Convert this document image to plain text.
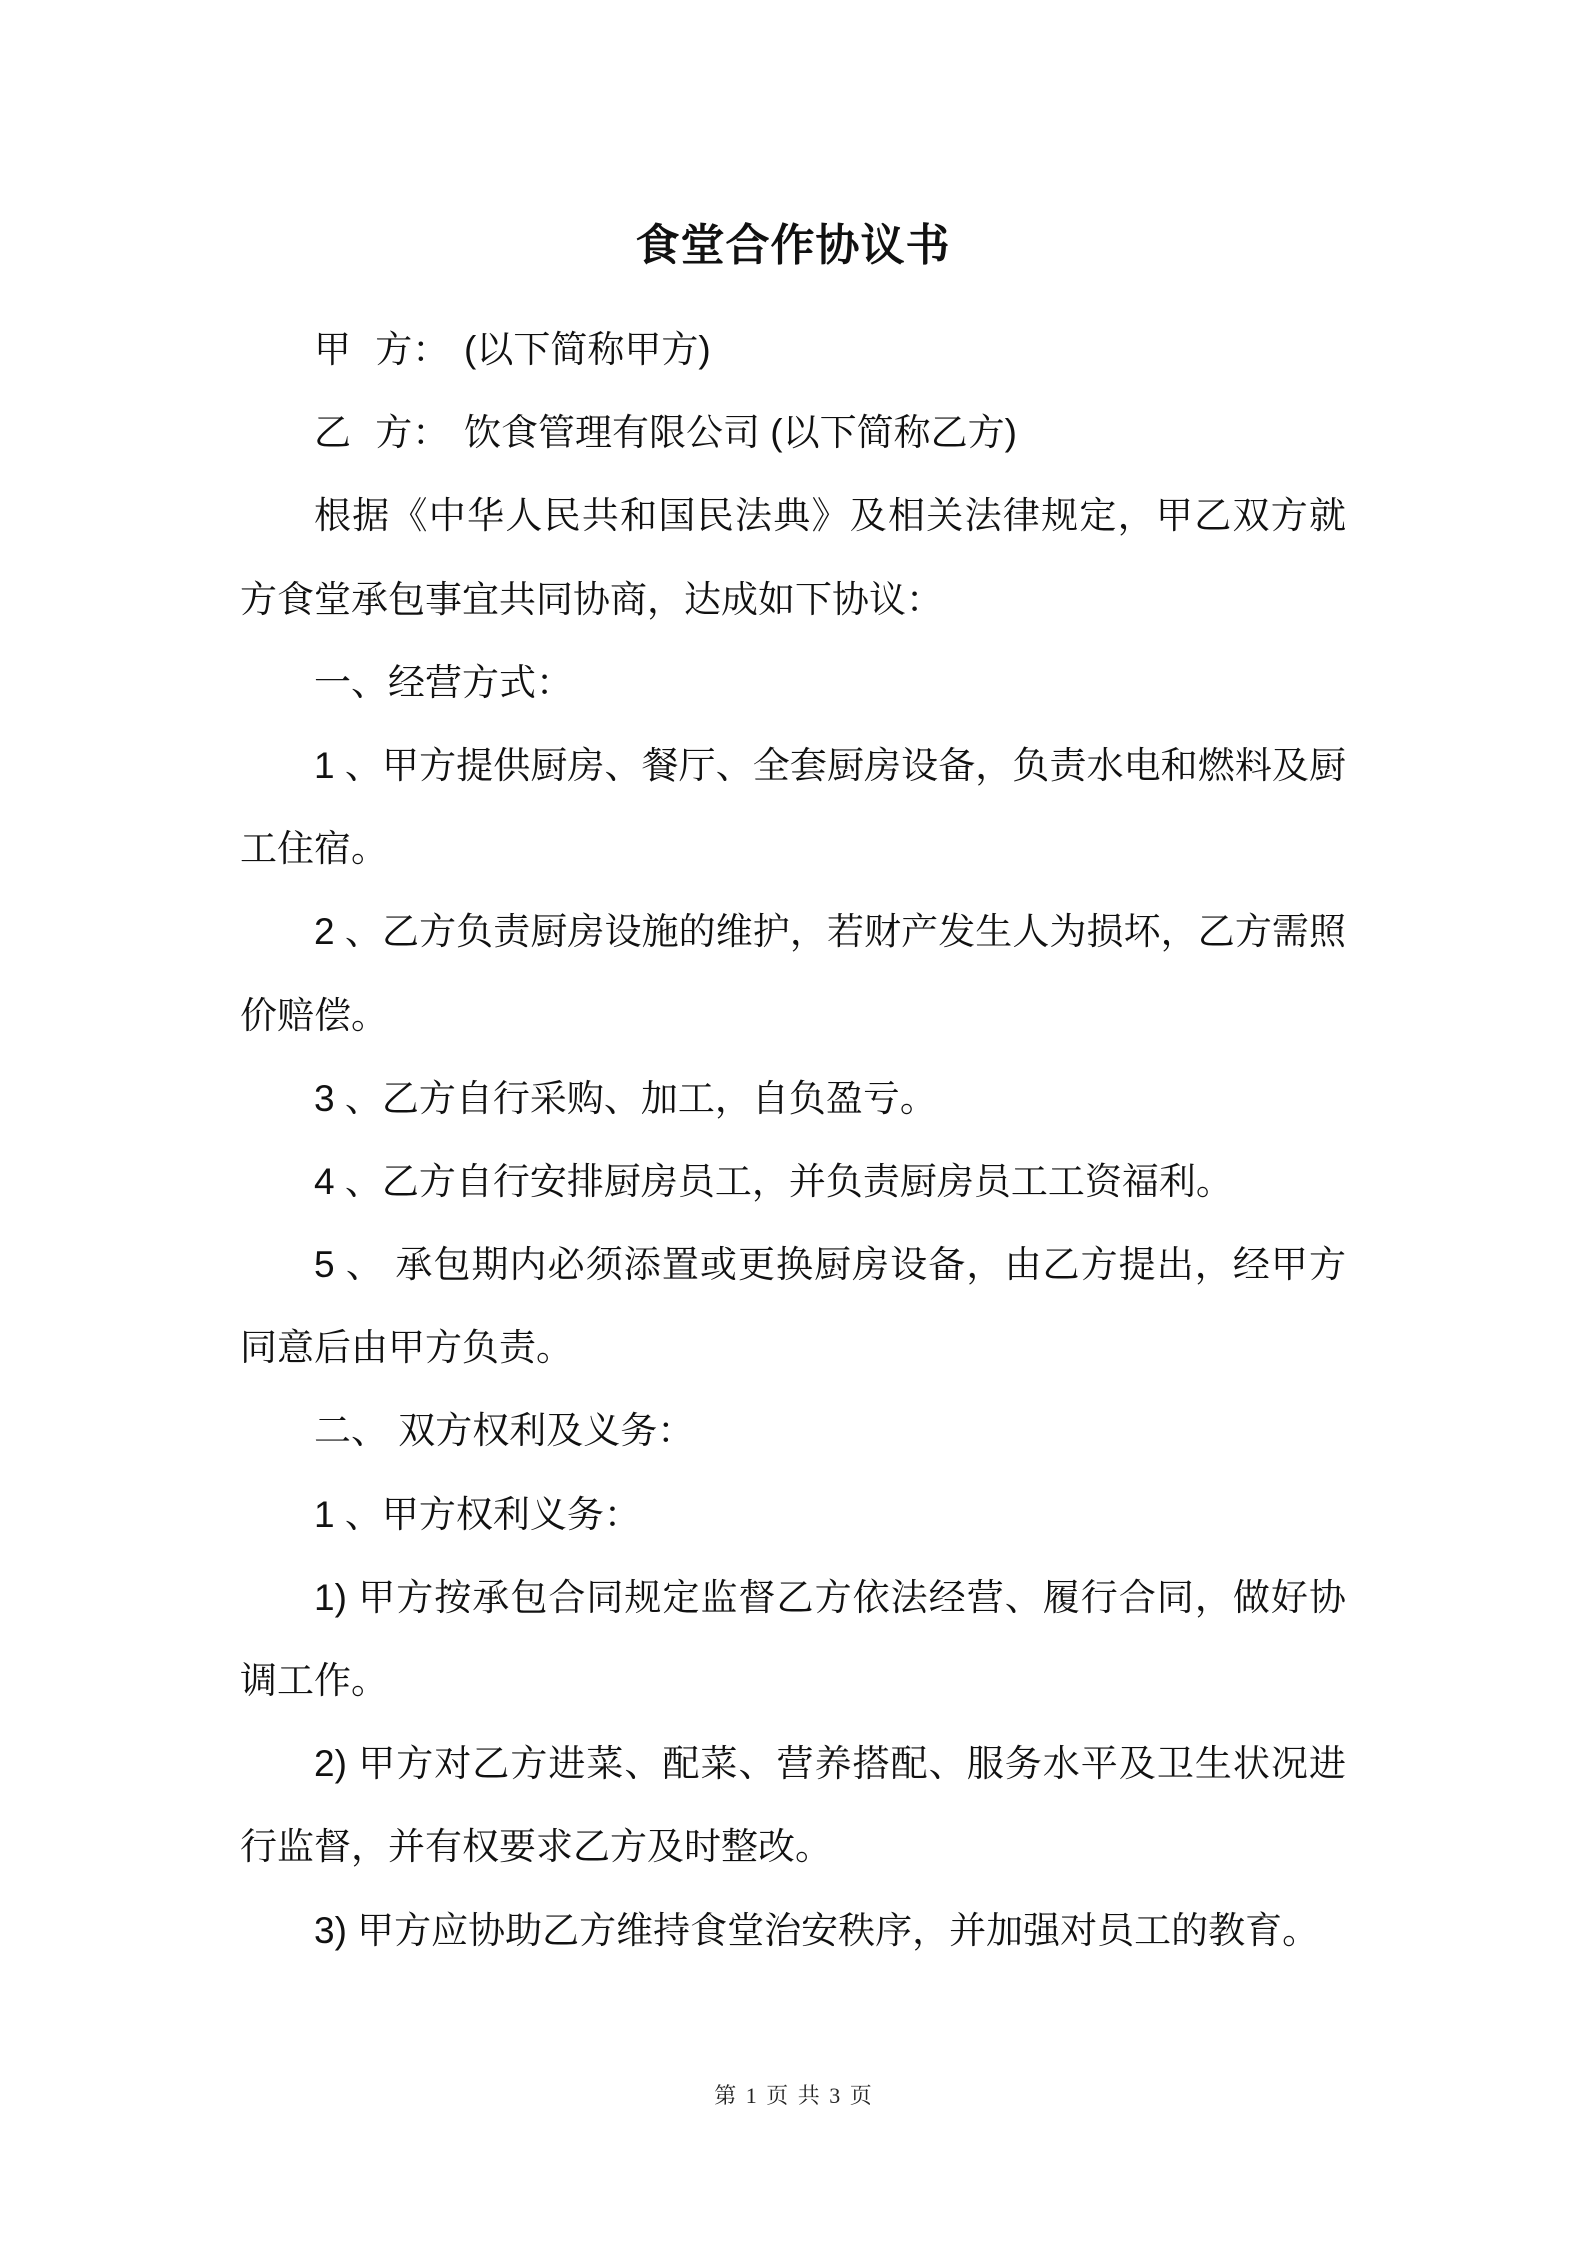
食堂合作协议书
甲 方： (以下简称甲方)
乙 方： 饮食管理有限公司 (以下简称乙方)
根据《中华人民共和国民法典》及相关法律规定，甲乙双方就
方食堂承包事宜共同协商，达成如下协议：
一、经营方式：
1 、甲方提供厨房、餐厅、全套厨房设备，负责水电和燃料及厨
工住宿。
2 、乙方负责厨房设施的维护，若财产发生人为损坏，乙方需照
价赔偿。
3 、乙方自行采购、加工，自负盈亏。
4 、乙方自行安排厨房员工，并负责厨房员工工资福利。
5 、 承包期内必须添置或更换厨房设备，由乙方提出，经甲方
同意后由甲方负责。
二、 双方权利及义务：
1 、甲方权利义务：
1) 甲方按承包合同规定监督乙方依法经营、履行合同，做好协
调工作。
2) 甲方对乙方进菜、配菜、营养搭配、服务水平及卫生状况进
行监督，并有权要求乙方及时整改。
3) 甲方应协助乙方维持食堂治安秩序，并加强对员工的教育。
第 1 页 共 3 页
